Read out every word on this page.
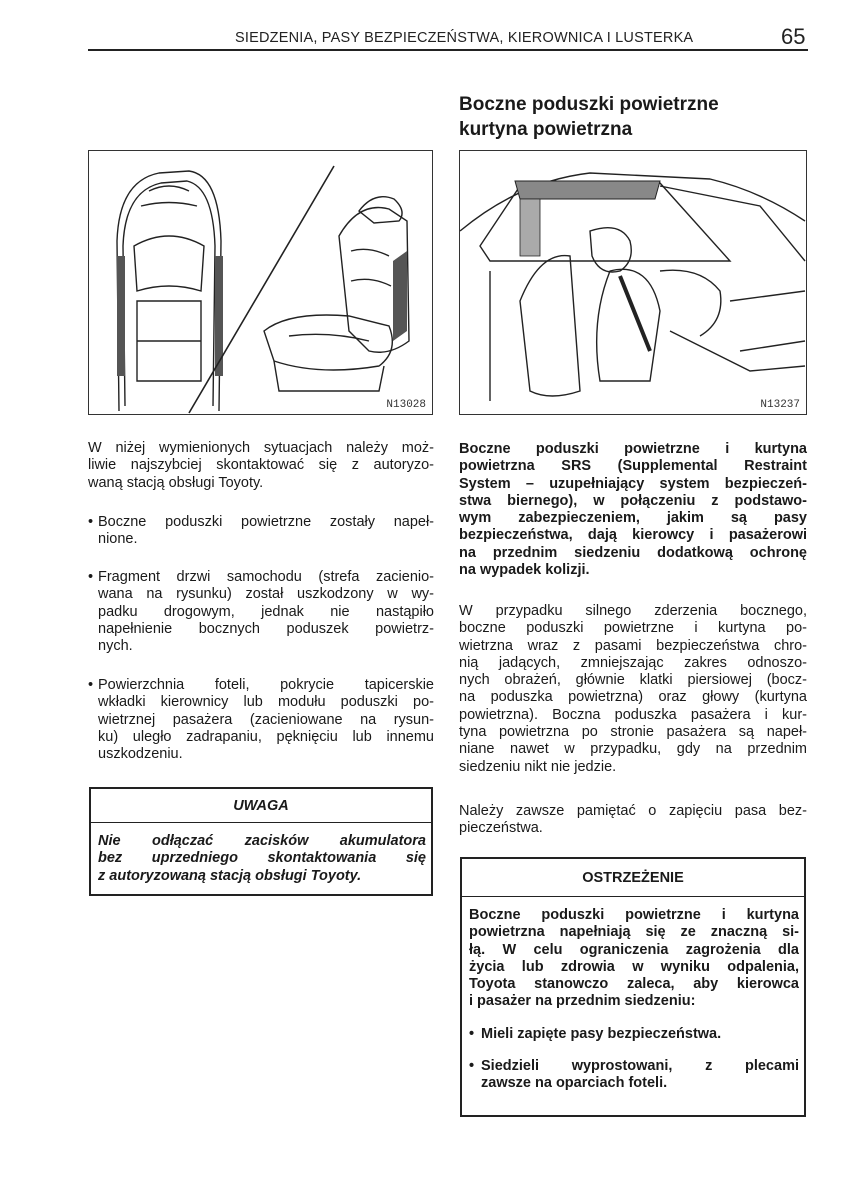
SIEDZENIA, PASY BEZPIECZEŃSTWA, KIEROWNICA I LUSTERKA	65
Boczne poduszki powietrzne
kurtyna powietrzna
N13028	N13237
W niżej wymienionych sytuacjach należy moż-
liwie najszybciej skontaktować się z autoryzo-
waną stacją obsługi Toyoty.
• Boczne poduszki powietrzne zostały napeł-
nione.
• Fragment drzwi samochodu (strefa zacienio-
wana na rysunku) został uszkodzony w wy-
padku drogowym, jednak nie nastąpiło
napełnienie bocznych poduszek powietrz-
nych.
• Powierzchnia foteli, pokrycie tapicerskie
wkładki kierownicy lub modułu poduszki po-
wietrznej pasażera (zacieniowane na rysun-
ku) uległo zadrapaniu, pęknięciu lub innemu
uszkodzeniu.
UWAGA
Nie odłączać zacisków akumulatora
bez uprzedniego skontaktowania się
z autoryzowaną stacją obsługi Toyoty.
Boczne poduszki powietrzne i kurtyna
powietrzna SRS (Supplemental Restraint
System – uzupełniający system bezpieczeń-
stwa biernego), w połączeniu z podstawo-
wym zabezpieczeniem, jakim są pasy
bezpieczeństwa, dają kierowcy i pasażerowi
na przednim siedzeniu dodatkową ochronę
na wypadek kolizji.
W przypadku silnego zderzenia bocznego,
boczne poduszki powietrzne i kurtyna po-
wietrzna wraz z pasami bezpieczeństwa chro-
nią jadących, zmniejszając zakres odnoszo-
nych obrażeń, głównie klatki piersiowej (bocz-
na poduszka powietrzna) oraz głowy (kurtyna
powietrzna). Boczna poduszka pasażera i kur-
tyna powietrzna po stronie pasażera są napeł-
niane nawet w przypadku, gdy na przednim
siedzeniu nikt nie jedzie.
Należy zawsze pamiętać o zapięciu pasa bez-
pieczeństwa.
OSTRZEŻENIE
Boczne poduszki powietrzne i kurtyna
powietrzna napełniają się ze znaczną si-
łą. W celu ograniczenia zagrożenia dla
życia lub zdrowia w wyniku odpalenia,
Toyota stanowczo zaleca, aby kierowca
i pasażer na przednim siedzeniu:
• Mieli zapięte pasy bezpieczeństwa.
• Siedzieli wyprostowani, z plecami
zawsze na oparciach foteli.
